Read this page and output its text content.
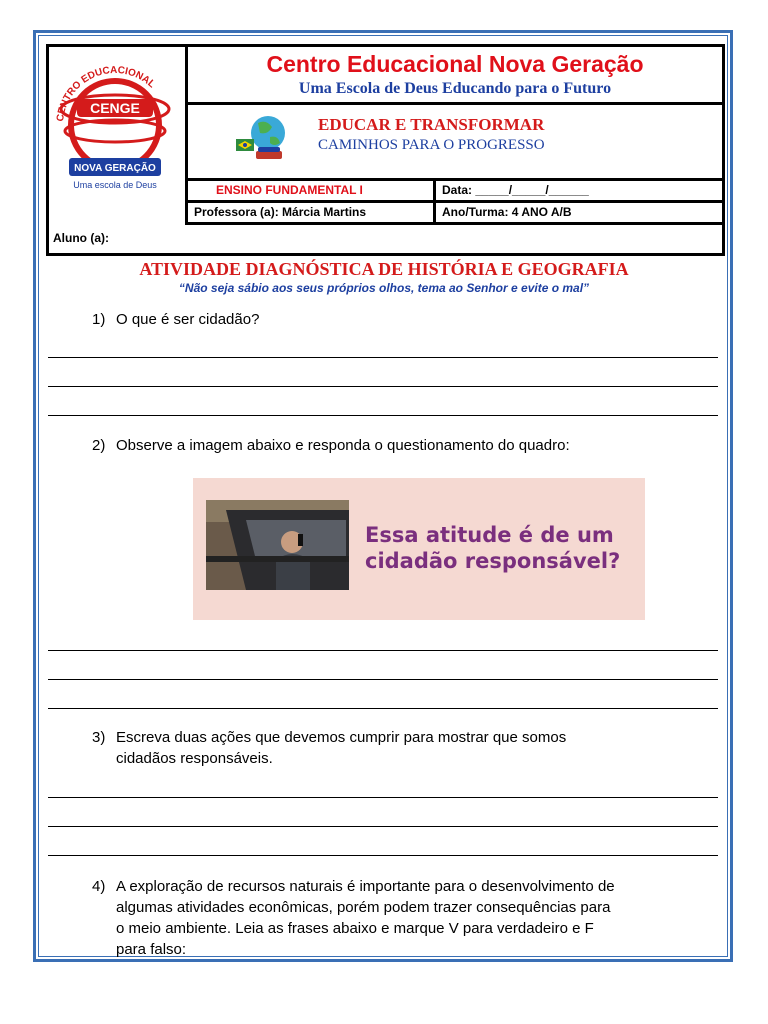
CENTRO EDUCACIONAL
CENGE
NOVA GERAÇÃO
Uma escola de Deus
Centro Educacional Nova Geração
Uma Escola de Deus Educando para o Futuro
EDUCAR E TRANSFORMAR
CAMINHOS PARA O PROGRESSO
ENSINO FUNDAMENTAL I	Data: _____/_____/______
Professora (a): Márcia Martins	Ano/Turma: 4 ANO A/B
Aluno (a):
ATIVIDADE DIAGNÓSTICA DE HISTÓRIA E GEOGRAFIA
“Não seja sábio aos seus próprios olhos, tema ao Senhor e evite o mal”
1) O que é ser cidadão?
2) Observe a imagem abaixo e responda o questionamento do quadro:
Essa atitude é de um
cidadão responsável?
3) Escreva duas ações que devemos cumprir para mostrar que somos
cidadãos responsáveis.
4) A exploração de recursos naturais é importante para o desenvolvimento de
algumas atividades econômicas, porém podem trazer consequências para
o meio ambiente. Leia as frases abaixo e marque V para verdadeiro e F
para falso:
